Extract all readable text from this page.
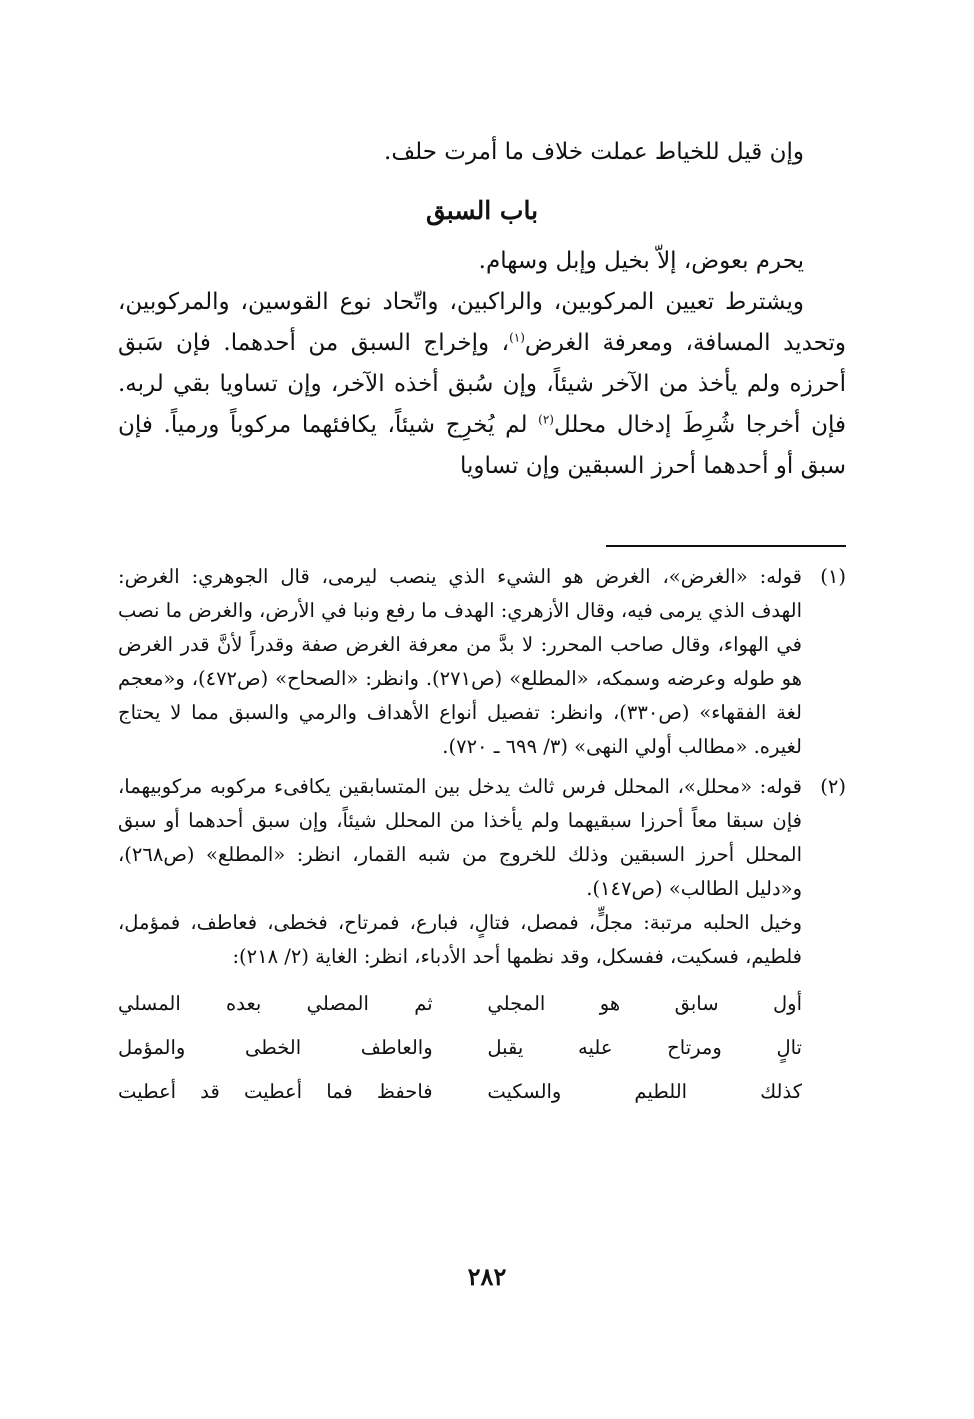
وإن قيل للخياط عملت خلاف ما أمرت حلف.

باب السبق

يحرم بعوض، إلاّ بخيل وإبل وسهام.

ويشترط تعيين المركوبين، والراكبين، واتّحاد نوع القوسين، والمركوبين، وتحديد المسافة، ومعرفة الغرض$^{(١)}$، وإخراج السبق من أحدهما. فإن سَبق أحرزه ولم يأخذ من الآخر شيئاً، وإن سُبق أخذه الآخر، وإن تساويا بقي لربه. فإن أخرجا شُرِطَ إدخال محلل$^{(٢)}$ لم يُخرِج شيئاً، يكافئهما مركوباً ورمياً. فإن سبق أو أحدهما أحرز السبقين وإن تساويا

(١)
قوله: «الغرض»، الغرض هو الشيء الذي ينصب ليرمى، قال الجوهري: الغرض: الهدف الذي يرمى فيه، وقال الأزهري: الهدف ما رفع ونبا في الأرض، والغرض ما نصب في الهواء، وقال صاحب المحرر: لا بدَّ من معرفة الغرض صفة وقدراً لأنَّ قدر الغرض هو طوله وعرضه وسمكه، «المطلع» (ص٢٧١). وانظر: «الصحاح» (ص٤٧٢)، و«معجم لغة الفقهاء» (ص٣٣٠)، وانظر: تفصيل أنواع الأهداف والرمي والسبق مما لا يحتاج لغيره. «مطالب أولي النهى» (٣/ ٦٩٩ ـ ٧٢٠).
(٢)
قوله: «محلل»، المحلل فرس ثالث يدخل بين المتسابقين يكافىء مركوبه مركوبيهما، فإن سبقا معاً أحرزا سبقيهما ولم يأخذا من المحلل شيئاً، وإن سبق أحدهما أو سبق المحلل أحرز السبقين وذلك للخروج من شبه القمار، انظر: «المطلع» (ص٢٦٨)، و«دليل الطالب» (ص١٤٧).
وخيل الحلبه مرتبة: مجلٍّ، فمصل، فتالٍ، فبارع، فمرتاح، فخطى، فعاطف، فمؤمل، فلطيم، فسكيت، ففسكل، وقد نظمها أحد الأدباء، انظر: الغاية (٢/ ٢١٨):
أول سابق هو المجلي
ثم المصلي بعده المسلي
تالٍ ومرتاح عليه يقبل
والعاطف الخطى والمؤمل
كذلك اللطيم والسكيت
فاحفظ فما أعطيت قد أعطيت
٢٨٢
